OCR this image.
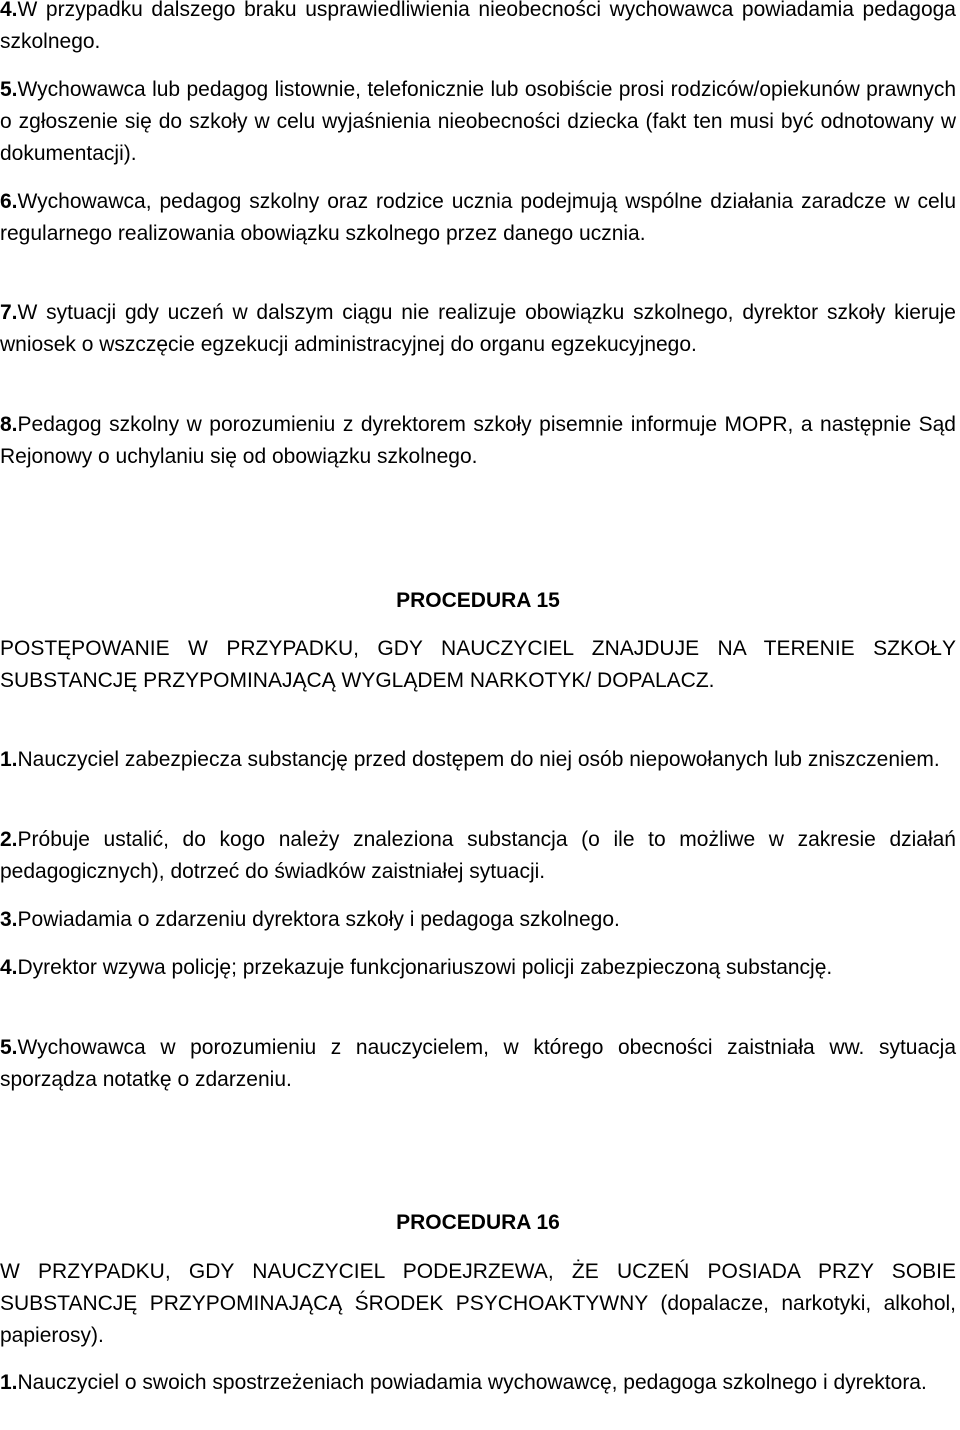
4.W przypadku dalszego braku usprawiedliwienia nieobecności wychowawca powiadamia pedagoga szkolnego.
5.Wychowawca lub pedagog listownie, telefonicznie lub osobiście prosi rodziców/opiekunów prawnych o zgłoszenie się do szkoły w celu wyjaśnienia nieobecności dziecka (fakt ten musi być odnotowany w dokumentacji).
6.Wychowawca, pedagog szkolny oraz rodzice ucznia podejmują wspólne działania zaradcze w celu regularnego realizowania obowiązku szkolnego przez danego ucznia.
7.W sytuacji gdy uczeń w dalszym ciągu nie realizuje obowiązku szkolnego, dyrektor szkoły kieruje wniosek o wszczęcie egzekucji administracyjnej do organu egzekucyjnego.
8.Pedagog szkolny w porozumieniu z dyrektorem szkoły pisemnie informuje MOPR, a następnie Sąd Rejonowy o uchylaniu się od obowiązku szkolnego.
PROCEDURA 15
POSTĘPOWANIE W PRZYPADKU, GDY NAUCZYCIEL ZNAJDUJE NA TERENIE SZKOŁY SUBSTANCJĘ PRZYPOMINAJĄCĄ WYGLĄDEM NARKOTYK/ DOPALACZ.
1.Nauczyciel zabezpiecza substancję przed dostępem do niej osób niepowołanych lub zniszczeniem.
2.Próbuje ustalić, do kogo należy znaleziona substancja (o ile to możliwe w zakresie działań pedagogicznych), dotrzeć do świadków zaistniałej sytuacji.
3.Powiadamia o zdarzeniu dyrektora szkoły i pedagoga szkolnego.
4.Dyrektor wzywa policję; przekazuje funkcjonariuszowi policji zabezpieczoną substancję.
5.Wychowawca w porozumieniu z nauczycielem, w którego obecności zaistniała ww. sytuacja sporządza notatkę o zdarzeniu.
PROCEDURA 16
W PRZYPADKU, GDY NAUCZYCIEL PODEJRZEWA, ŻE UCZEŃ POSIADA PRZY SOBIE SUBSTANCJĘ PRZYPOMINAJĄCĄ ŚRODEK PSYCHOAKTYWNY (dopalacze, narkotyki, alkohol, papierosy).
1.Nauczyciel o swoich spostrzeżeniach powiadamia wychowawcę, pedagoga szkolnego i dyrektora.
